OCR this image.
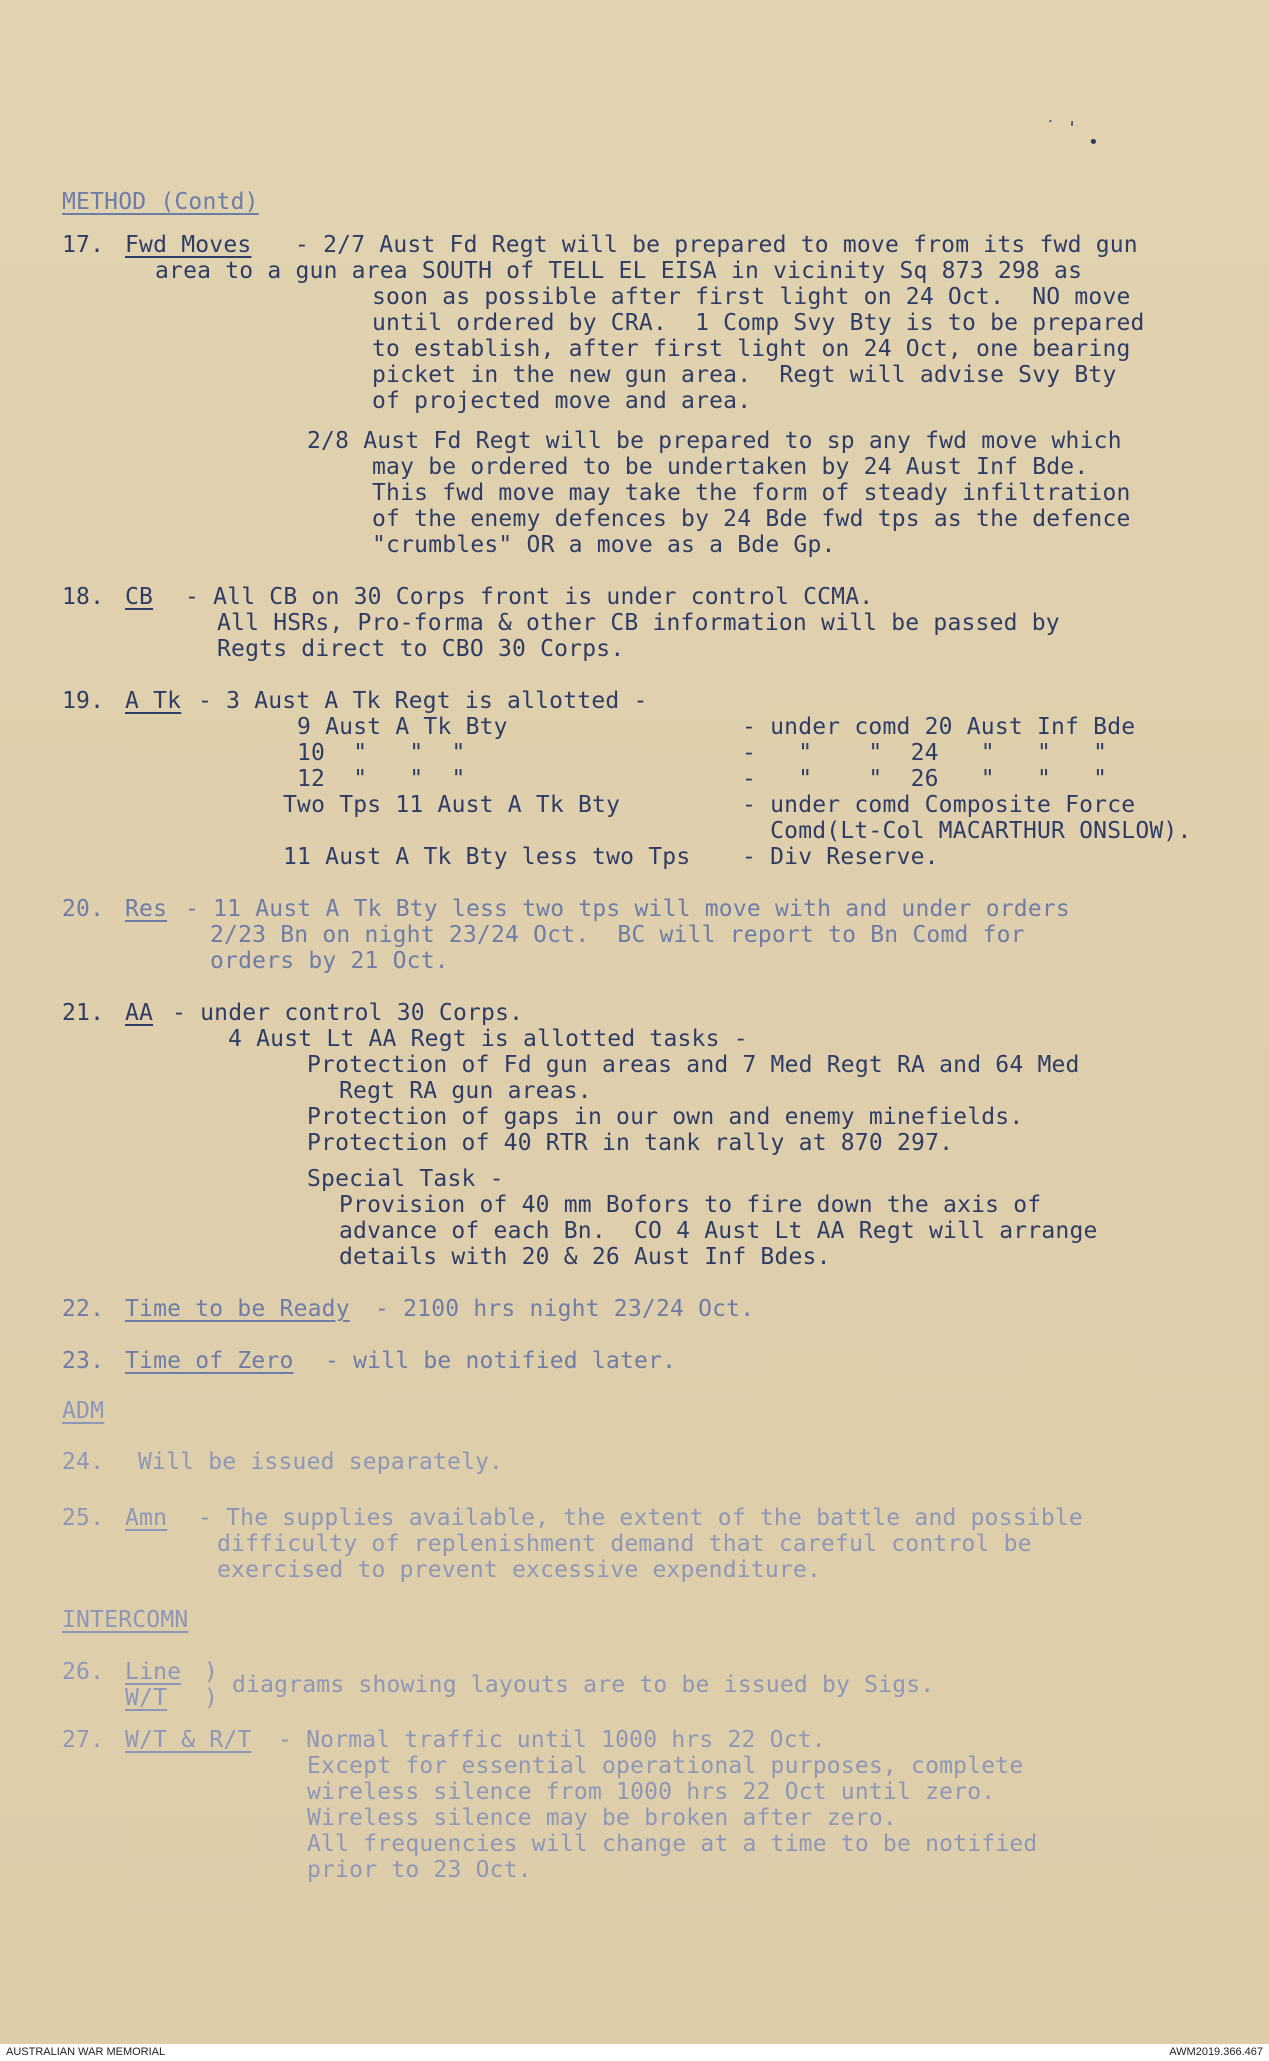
˙ '
•
METHOD (Contd)
17. Fwd Moves - 2/7 Aust Fd Regt will be prepared to move from its fwd gun
area to a gun area SOUTH of TELL EL EISA in vicinity Sq 873 298 as
soon as possible after first light on 24 Oct.  NO move
until ordered by CRA.  1 Comp Svy Bty is to be prepared
to establish, after first light on 24 Oct, one bearing
picket in the new gun area.  Regt will advise Svy Bty
of projected move and area.
2/8 Aust Fd Regt will be prepared to sp any fwd move which
may be ordered to be undertaken by 24 Aust Inf Bde.
This fwd move may take the form of steady infiltration
of the enemy defences by 24 Bde fwd tps as the defence
"crumbles" OR a move as a Bde Gp.
18. CB - All CB on 30 Corps front is under control CCMA.
All HSRs, Pro-forma & other CB information will be passed by
Regts direct to CBO 30 Corps.
19. A Tk - 3 Aust A Tk Regt is allotted -
9 Aust A Tk Bty	- under comd 20 Aust Inf Bde
10  "   "  "	-   "    "  24   "   "   "
12  "   "  "	-   "    "  26   "   "   "
Two Tps 11 Aust A Tk Bty	- under comd Composite Force
Comd(Lt-Col MACARTHUR ONSLOW).
11 Aust A Tk Bty less two Tps - Div Reserve.
20. Res - 11 Aust A Tk Bty less two tps will move with and under orders
2/23 Bn on night 23/24 Oct.  BC will report to Bn Comd for
orders by 21 Oct.
21. AA - under control 30 Corps.
4 Aust Lt AA Regt is allotted tasks -
Protection of Fd gun areas and 7 Med Regt RA and 64 Med
Regt RA gun areas.
Protection of gaps in our own and enemy minefields.
Protection of 40 RTR in tank rally at 870 297.
Special Task -
Provision of 40 mm Bofors to fire down the axis of
advance of each Bn.  CO 4 Aust Lt AA Regt will arrange
details with 20 & 26 Aust Inf Bdes.
22. Time to be Ready - 2100 hrs night 23/24 Oct.
23. Time of Zero - will be notified later.
ADM
24. Will be issued separately.
25. Amn - The supplies available, the extent of the battle and possible
difficulty of replenishment demand that careful control be
exercised to prevent excessive expenditure.
INTERCOMN
26. Line )
W/T ) diagrams showing layouts are to be issued by Sigs.
27. W/T & R/T - Normal traffic until 1000 hrs 22 Oct.
Except for essential operational purposes, complete
wireless silence from 1000 hrs 22 Oct until zero.
Wireless silence may be broken after zero.
All frequencies will change at a time to be notified
prior to 23 Oct.
AUSTRALIAN WAR MEMORIAL	AWM2019.366.467
